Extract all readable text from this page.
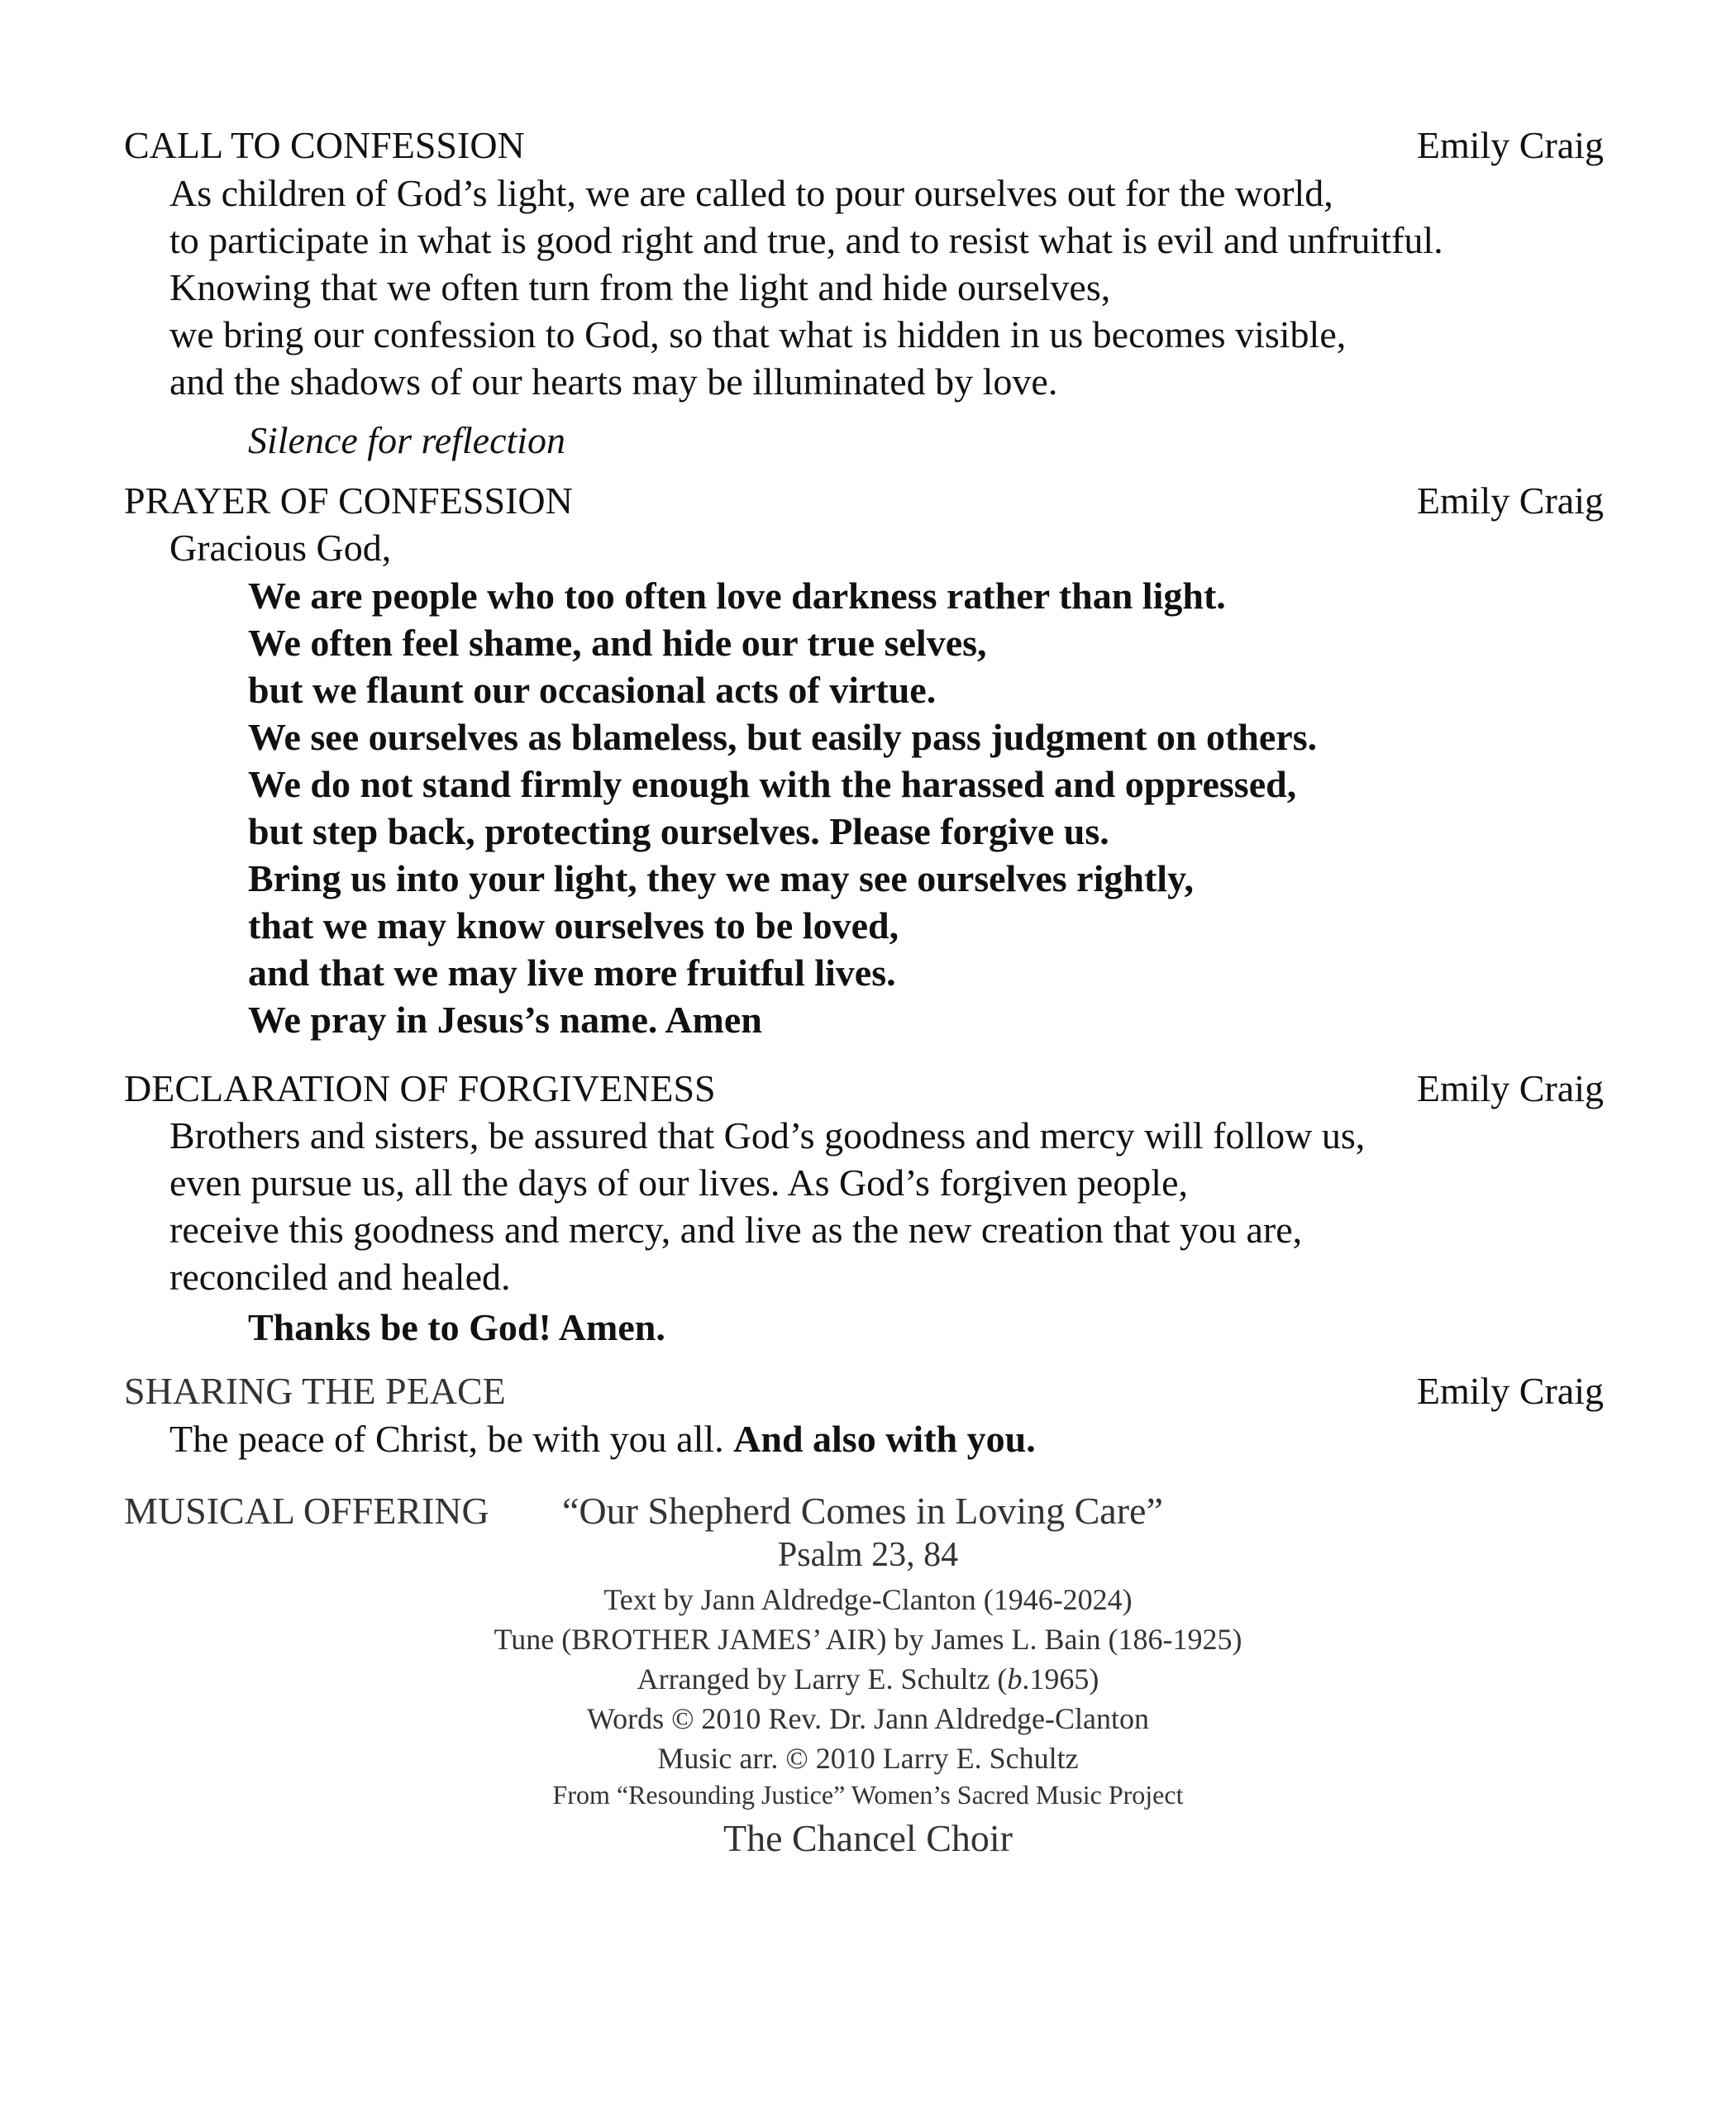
CALL TO CONFESSION	Emily Craig
As children of God’s light, we are called to pour ourselves out for the world,
to participate in what is good right and true, and to resist what is evil and unfruitful.
Knowing that we often turn from the light and hide ourselves,
we bring our confession to God, so that what is hidden in us becomes visible,
and the shadows of our hearts may be illuminated by love.
Silence for reflection
PRAYER OF CONFESSION	Emily Craig
Gracious God,
We are people who too often love darkness rather than light.
We often feel shame, and hide our true selves,
but we flaunt our occasional acts of virtue.
We see ourselves as blameless, but easily pass judgment on others.
We do not stand firmly enough with the harassed and oppressed,
but step back, protecting ourselves. Please forgive us.
Bring us into your light, they we may see ourselves rightly,
that we may know ourselves to be loved,
and that we may live more fruitful lives.
We pray in Jesus’s name. Amen
DECLARATION OF FORGIVENESS	Emily Craig
Brothers and sisters, be assured that God’s goodness and mercy will follow us,
even pursue us, all the days of our lives. As God’s forgiven people,
receive this goodness and mercy, and live as the new creation that you are,
reconciled and healed.
Thanks be to God! Amen.
SHARING THE PEACE	Emily Craig
The peace of Christ, be with you all. And also with you.
MUSICAL OFFERING “Our Shepherd Comes in Loving Care”
Psalm 23, 84
Text by Jann Aldredge-Clanton (1946-2024)
Tune (BROTHER JAMES’ AIR) by James L. Bain (186-1925)
Arranged by Larry E. Schultz (b.1965)
Words © 2010 Rev. Dr. Jann Aldredge-Clanton
Music arr. © 2010 Larry E. Schultz
From “Resounding Justice” Women’s Sacred Music Project
The Chancel Choir
